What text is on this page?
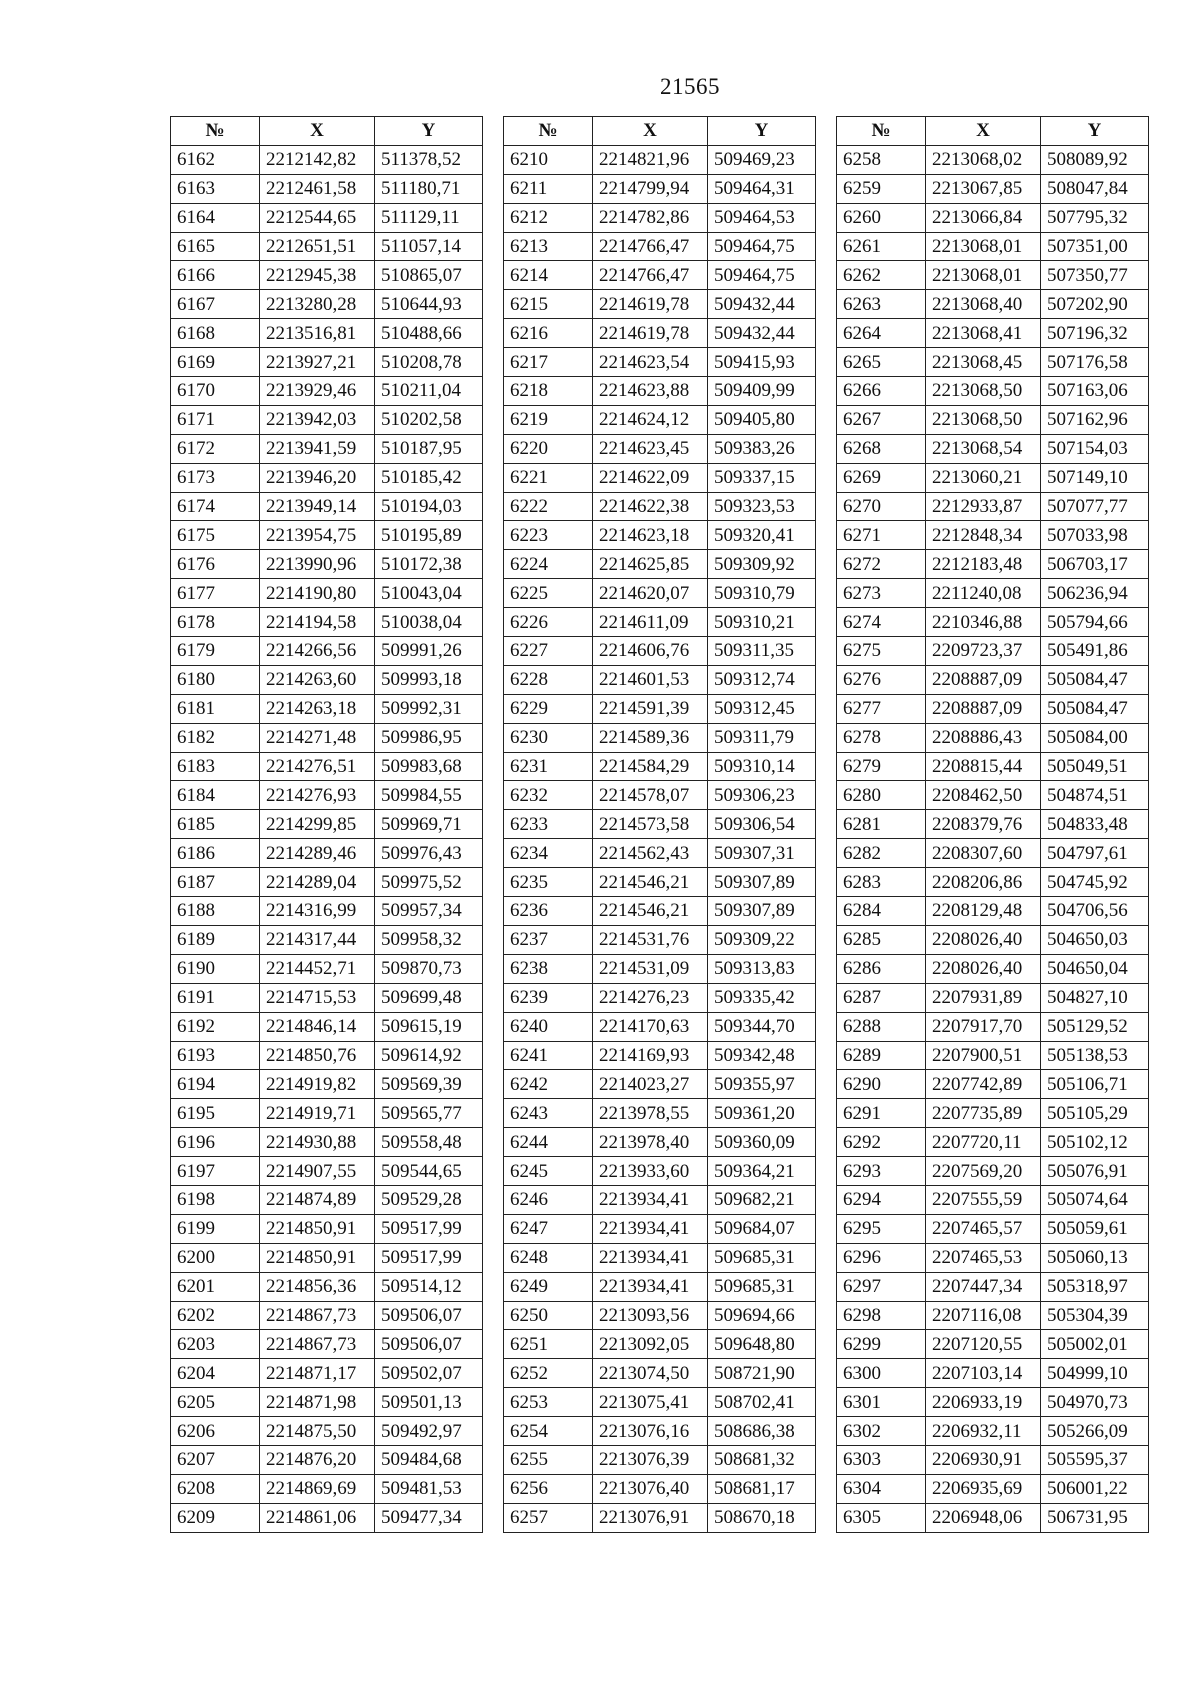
21565
№	X	Y
6162	2212142,82	511378,52
6163	2212461,58	511180,71
6164	2212544,65	511129,11
6165	2212651,51	511057,14
6166	2212945,38	510865,07
6167	2213280,28	510644,93
6168	2213516,81	510488,66
6169	2213927,21	510208,78
6170	2213929,46	510211,04
6171	2213942,03	510202,58
6172	2213941,59	510187,95
6173	2213946,20	510185,42
6174	2213949,14	510194,03
6175	2213954,75	510195,89
6176	2213990,96	510172,38
6177	2214190,80	510043,04
6178	2214194,58	510038,04
6179	2214266,56	509991,26
6180	2214263,60	509993,18
6181	2214263,18	509992,31
6182	2214271,48	509986,95
6183	2214276,51	509983,68
6184	2214276,93	509984,55
6185	2214299,85	509969,71
6186	2214289,46	509976,43
6187	2214289,04	509975,52
6188	2214316,99	509957,34
6189	2214317,44	509958,32
6190	2214452,71	509870,73
6191	2214715,53	509699,48
6192	2214846,14	509615,19
6193	2214850,76	509614,92
6194	2214919,82	509569,39
6195	2214919,71	509565,77
6196	2214930,88	509558,48
6197	2214907,55	509544,65
6198	2214874,89	509529,28
6199	2214850,91	509517,99
6200	2214850,91	509517,99
6201	2214856,36	509514,12
6202	2214867,73	509506,07
6203	2214867,73	509506,07
6204	2214871,17	509502,07
6205	2214871,98	509501,13
6206	2214875,50	509492,97
6207	2214876,20	509484,68
6208	2214869,69	509481,53
6209	2214861,06	509477,34
№	X	Y
6210	2214821,96	509469,23
6211	2214799,94	509464,31
6212	2214782,86	509464,53
6213	2214766,47	509464,75
6214	2214766,47	509464,75
6215	2214619,78	509432,44
6216	2214619,78	509432,44
6217	2214623,54	509415,93
6218	2214623,88	509409,99
6219	2214624,12	509405,80
6220	2214623,45	509383,26
6221	2214622,09	509337,15
6222	2214622,38	509323,53
6223	2214623,18	509320,41
6224	2214625,85	509309,92
6225	2214620,07	509310,79
6226	2214611,09	509310,21
6227	2214606,76	509311,35
6228	2214601,53	509312,74
6229	2214591,39	509312,45
6230	2214589,36	509311,79
6231	2214584,29	509310,14
6232	2214578,07	509306,23
6233	2214573,58	509306,54
6234	2214562,43	509307,31
6235	2214546,21	509307,89
6236	2214546,21	509307,89
6237	2214531,76	509309,22
6238	2214531,09	509313,83
6239	2214276,23	509335,42
6240	2214170,63	509344,70
6241	2214169,93	509342,48
6242	2214023,27	509355,97
6243	2213978,55	509361,20
6244	2213978,40	509360,09
6245	2213933,60	509364,21
6246	2213934,41	509682,21
6247	2213934,41	509684,07
6248	2213934,41	509685,31
6249	2213934,41	509685,31
6250	2213093,56	509694,66
6251	2213092,05	509648,80
6252	2213074,50	508721,90
6253	2213075,41	508702,41
6254	2213076,16	508686,38
6255	2213076,39	508681,32
6256	2213076,40	508681,17
6257	2213076,91	508670,18
№	X	Y
6258	2213068,02	508089,92
6259	2213067,85	508047,84
6260	2213066,84	507795,32
6261	2213068,01	507351,00
6262	2213068,01	507350,77
6263	2213068,40	507202,90
6264	2213068,41	507196,32
6265	2213068,45	507176,58
6266	2213068,50	507163,06
6267	2213068,50	507162,96
6268	2213068,54	507154,03
6269	2213060,21	507149,10
6270	2212933,87	507077,77
6271	2212848,34	507033,98
6272	2212183,48	506703,17
6273	2211240,08	506236,94
6274	2210346,88	505794,66
6275	2209723,37	505491,86
6276	2208887,09	505084,47
6277	2208887,09	505084,47
6278	2208886,43	505084,00
6279	2208815,44	505049,51
6280	2208462,50	504874,51
6281	2208379,76	504833,48
6282	2208307,60	504797,61
6283	2208206,86	504745,92
6284	2208129,48	504706,56
6285	2208026,40	504650,03
6286	2208026,40	504650,04
6287	2207931,89	504827,10
6288	2207917,70	505129,52
6289	2207900,51	505138,53
6290	2207742,89	505106,71
6291	2207735,89	505105,29
6292	2207720,11	505102,12
6293	2207569,20	505076,91
6294	2207555,59	505074,64
6295	2207465,57	505059,61
6296	2207465,53	505060,13
6297	2207447,34	505318,97
6298	2207116,08	505304,39
6299	2207120,55	505002,01
6300	2207103,14	504999,10
6301	2206933,19	504970,73
6302	2206932,11	505266,09
6303	2206930,91	505595,37
6304	2206935,69	506001,22
6305	2206948,06	506731,95
